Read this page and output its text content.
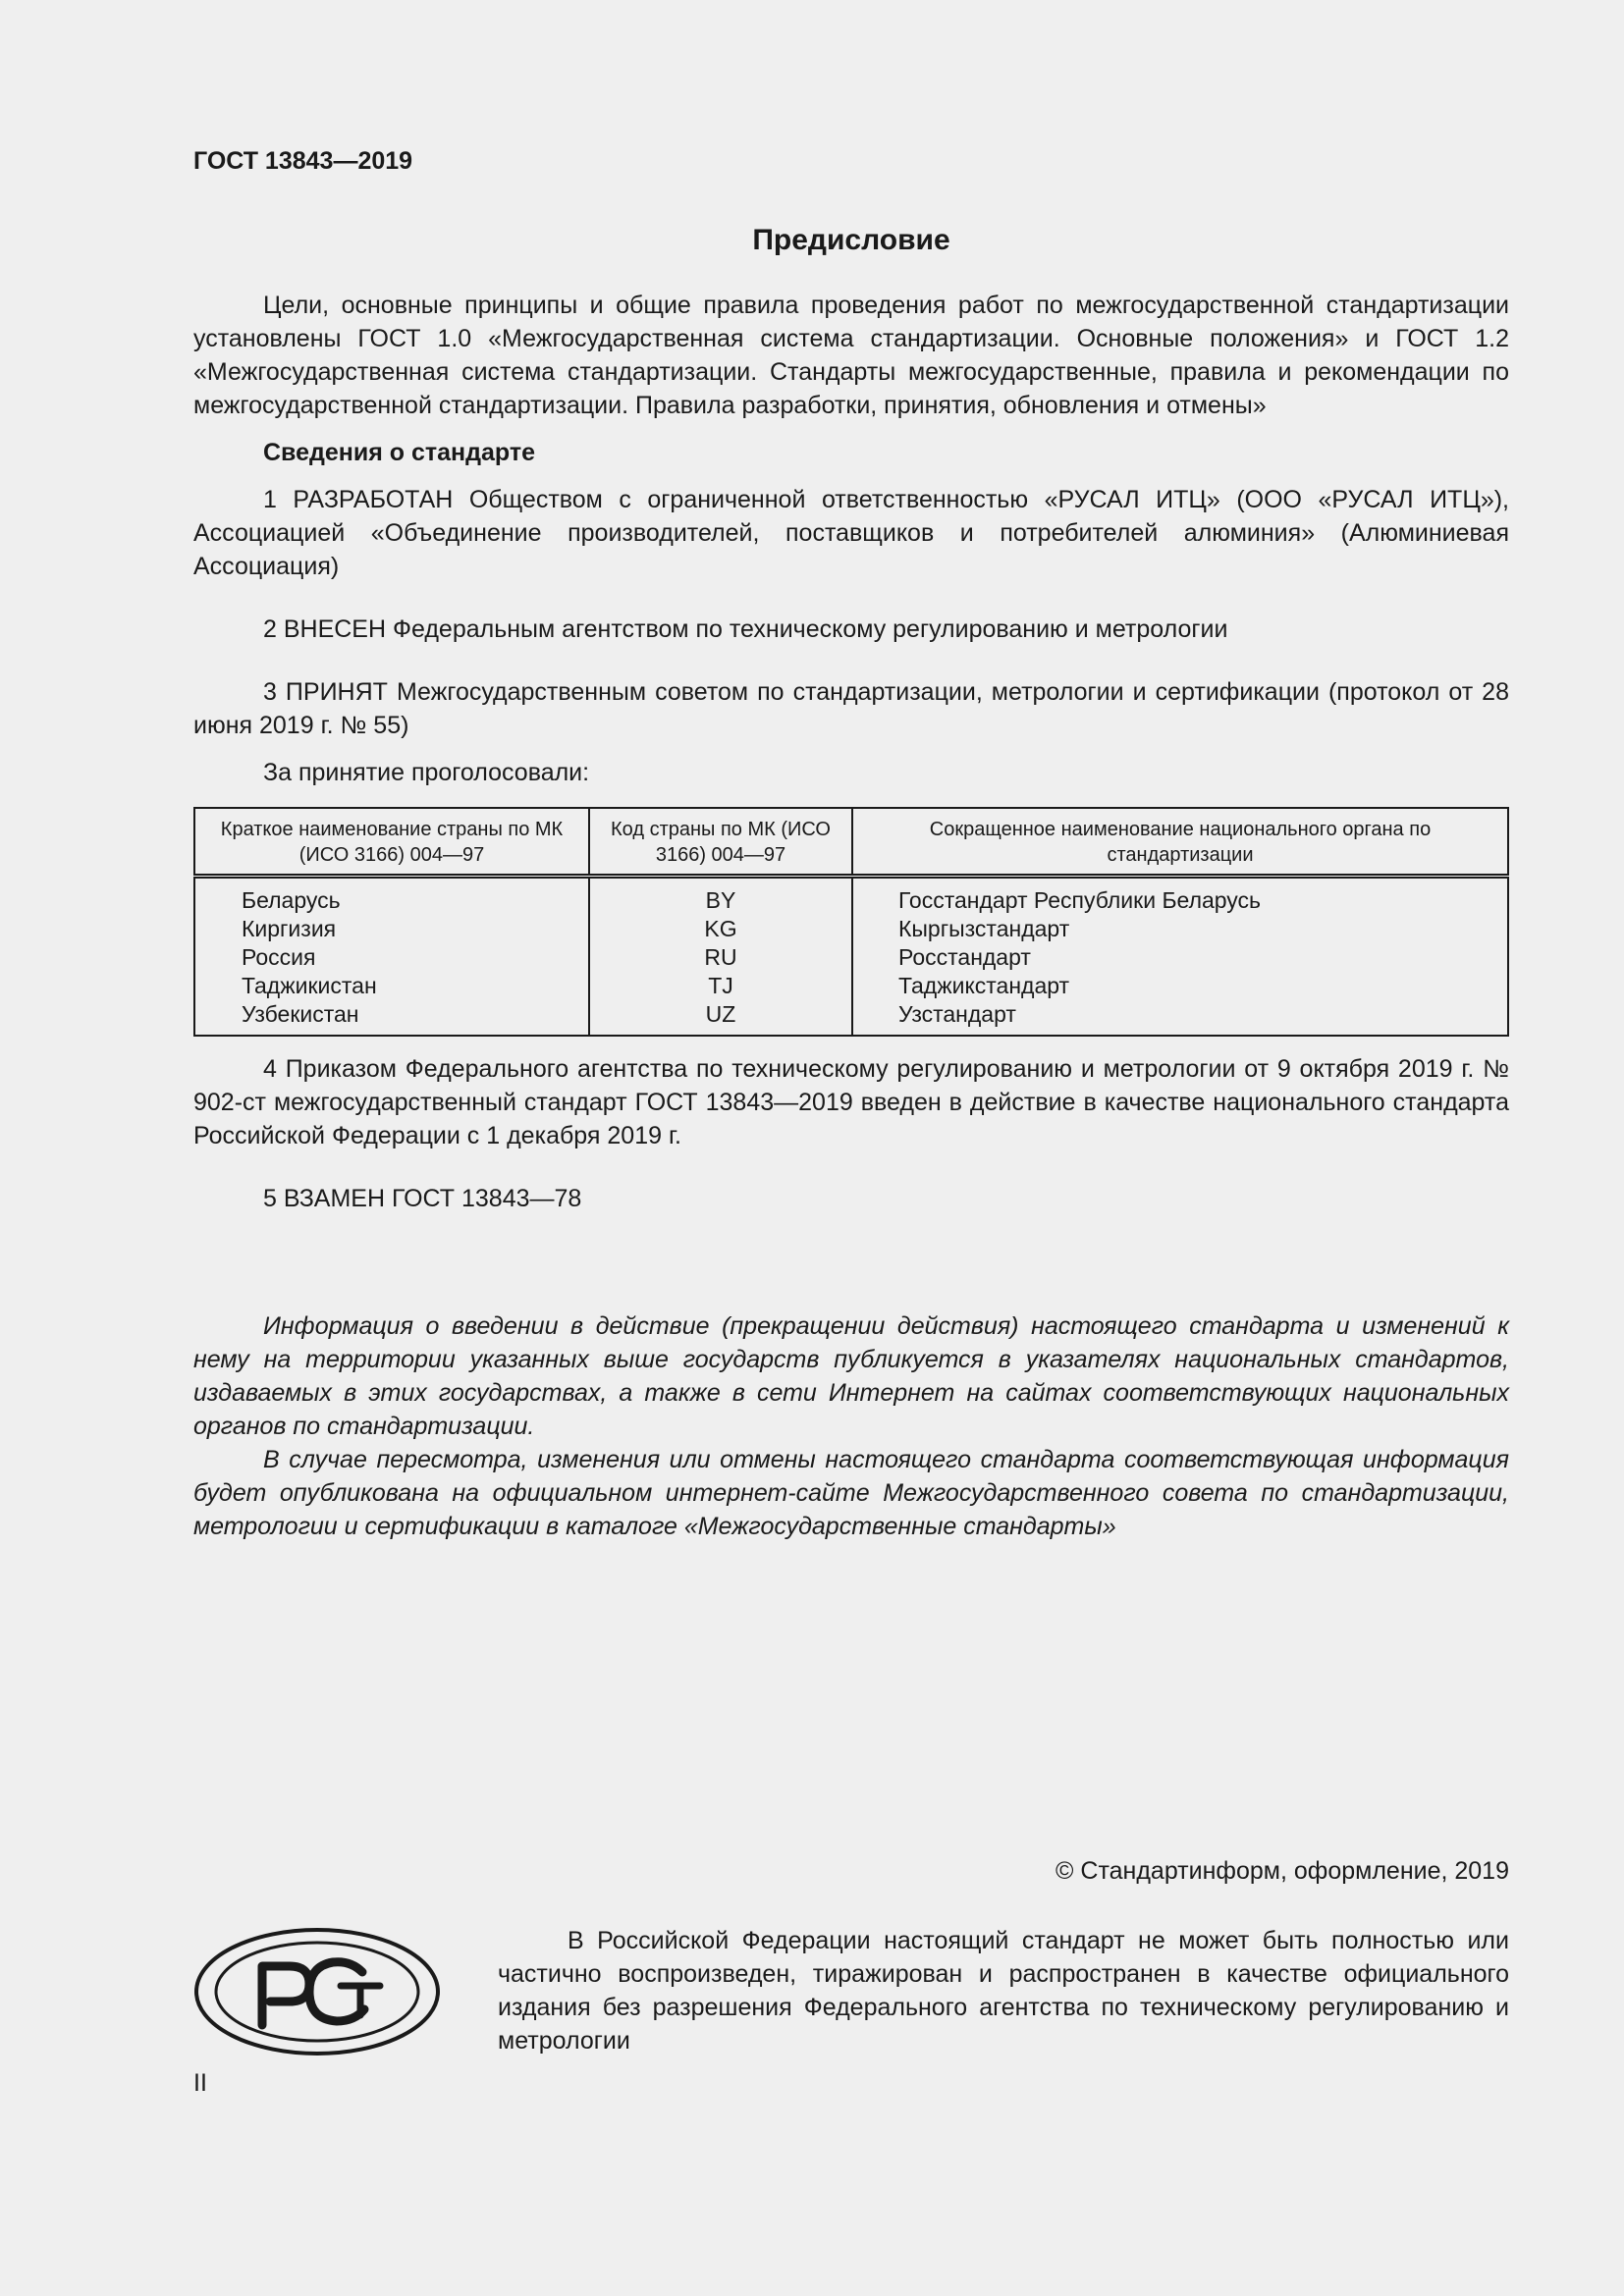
ГОСТ 13843—2019
Предисловие

Цели, основные принципы и общие правила проведения работ по межгосударственной стандартизации установлены ГОСТ 1.0 «Межгосударственная система стандартизации. Основные положения» и ГОСТ 1.2 «Межгосударственная система стандартизации. Стандарты межгосударственные, правила и рекомендации по межгосударственной стандартизации. Правила разработки, принятия, обновления и отмены»

Сведения о стандарте

1 РАЗРАБОТАН Обществом с ограниченной ответственностью «РУСАЛ ИТЦ» (ООО «РУСАЛ ИТЦ»), Ассоциацией «Объединение производителей, поставщиков и потребителей алюминия» (Алюминиевая Ассоциация)

2 ВНЕСЕН Федеральным агентством по техническому регулированию и метрологии

3 ПРИНЯТ Межгосударственным советом по стандартизации, метрологии и сертификации (протокол от 28 июня 2019 г. № 55)

За принятие проголосовали:

Краткое наименование страны по МК (ИСО 3166) 004—97	Код страны по МК (ИСО 3166) 004—97	Сокращенное наименование национального органа по стандартизации
Беларусь	BY	Госстандарт Республики Беларусь
Киргизия	KG	Кыргызстандарт
Россия	RU	Росстандарт
Таджикистан	TJ	Таджикстандарт
Узбекистан	UZ	Узстандарт

4 Приказом Федерального агентства по техническому регулированию и метрологии от 9 октября 2019 г. № 902-ст межгосударственный стандарт ГОСТ 13843—2019 введен в действие в качестве национального стандарта Российской Федерации с 1 декабря 2019 г.

5 ВЗАМЕН ГОСТ 13843—78

Информация о введении в действие (прекращении действия) настоящего стандарта и изменений к нему на территории указанных выше государств публикуется в указателях национальных стандартов, издаваемых в этих государствах, а также в сети Интернет на сайтах соответствующих национальных органов по стандартизации.

В случае пересмотра, изменения или отмены настоящего стандарта соответствующая информация будет опубликована на официальном интернет-сайте Межгосударственного совета по стандартизации, метрологии и сертификации в каталоге «Межгосударственные стандарты»

© Стандартинформ, оформление, 2019
В Российской Федерации настоящий стандарт не может быть полностью или частично воспроизведен, тиражирован и распространен в качестве официального издания без разрешения Федерального агентства по техническому регулированию и метрологии
II
